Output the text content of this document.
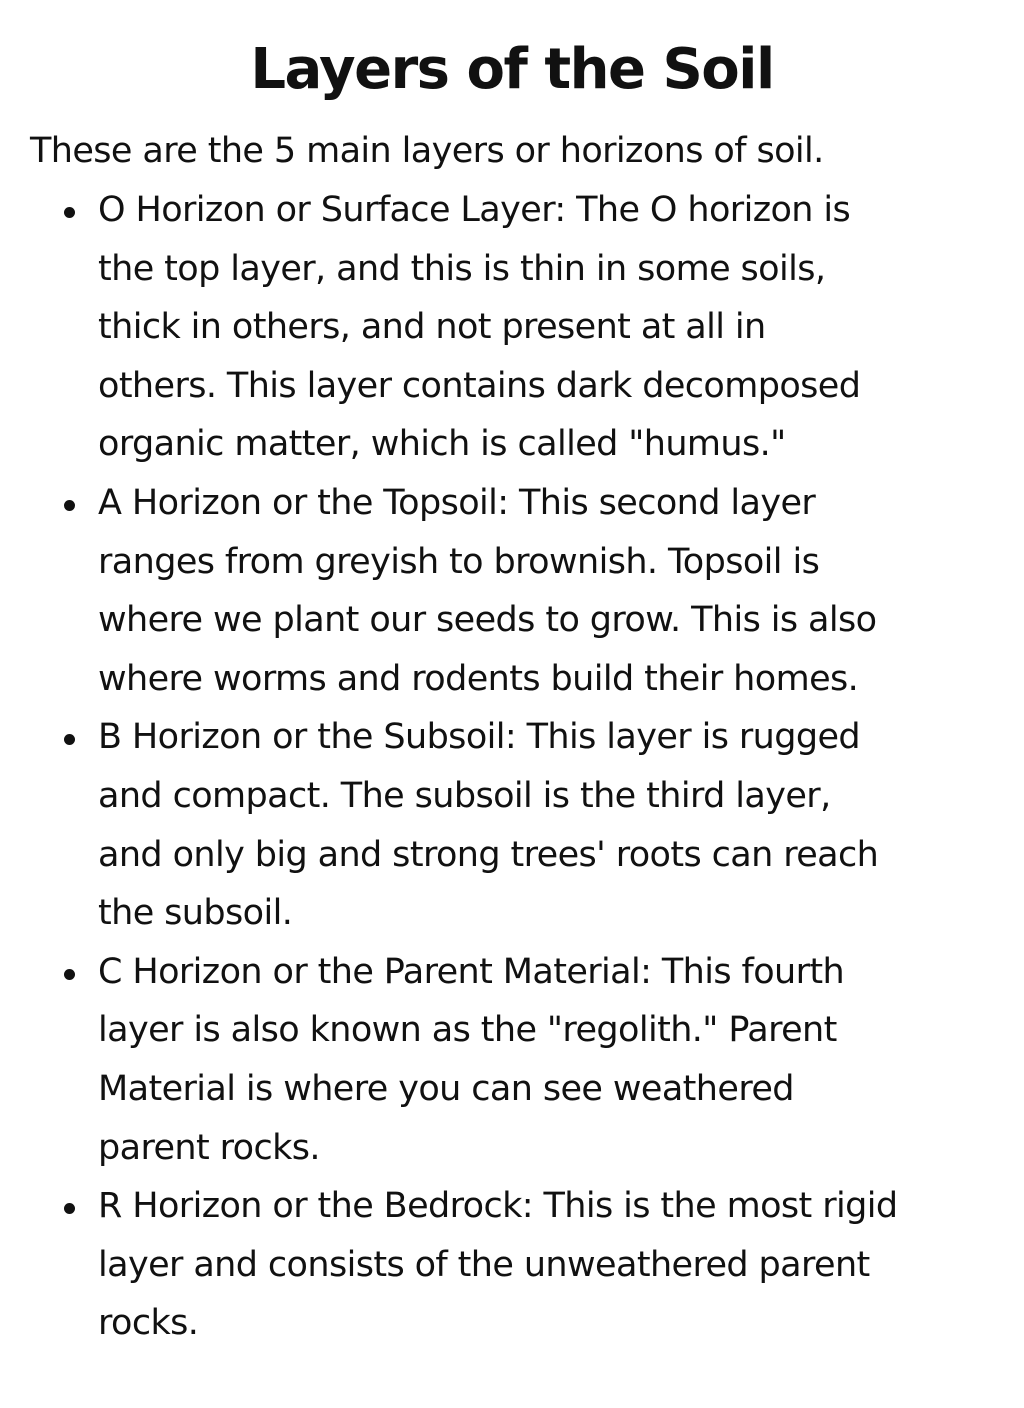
Layers of the Soil

These are the 5 main layers or horizons of soil.

O Horizon or Surface Layer: The O horizon is
the top layer, and this is thin in some soils,
thick in others, and not present at all in
others. This layer contains dark decomposed
organic matter, which is called "humus."
A Horizon or the Topsoil: This second layer
ranges from greyish to brownish. Topsoil is
where we plant our seeds to grow. This is also
where worms and rodents build their homes.
B Horizon or the Subsoil: This layer is rugged
and compact. The subsoil is the third layer,
and only big and strong trees' roots can reach
the subsoil.
C Horizon or the Parent Material: This fourth
layer is also known as the "regolith." Parent
Material is where you can see weathered
parent rocks.
R Horizon or the Bedrock: This is the most rigid
layer and consists of the unweathered parent
rocks.
